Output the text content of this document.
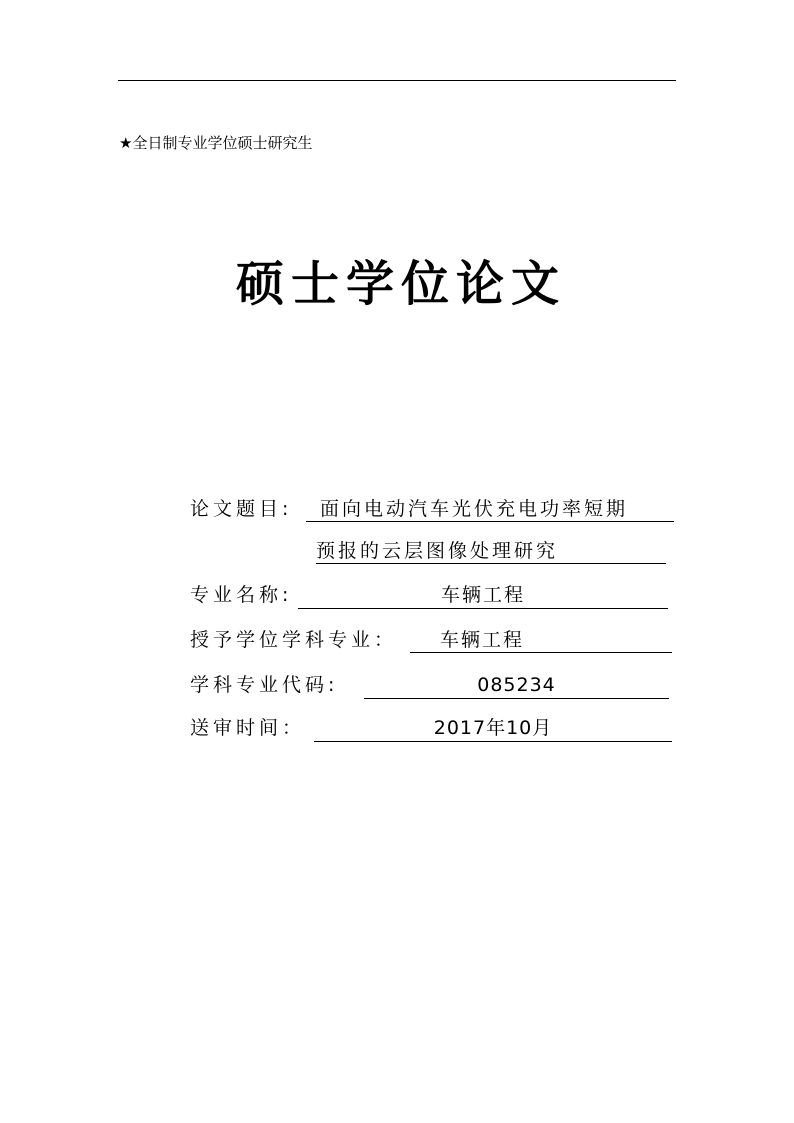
★全日制专业学位硕士研究生
硕士学位论文
论文题目:	面向电动汽车光伏充电功率短期
预报的云层图像处理研究
专业名称:	车辆工程
授予学位学科专业：	车辆工程
学科专业代码:	085234
送审时间：	2017年10月
